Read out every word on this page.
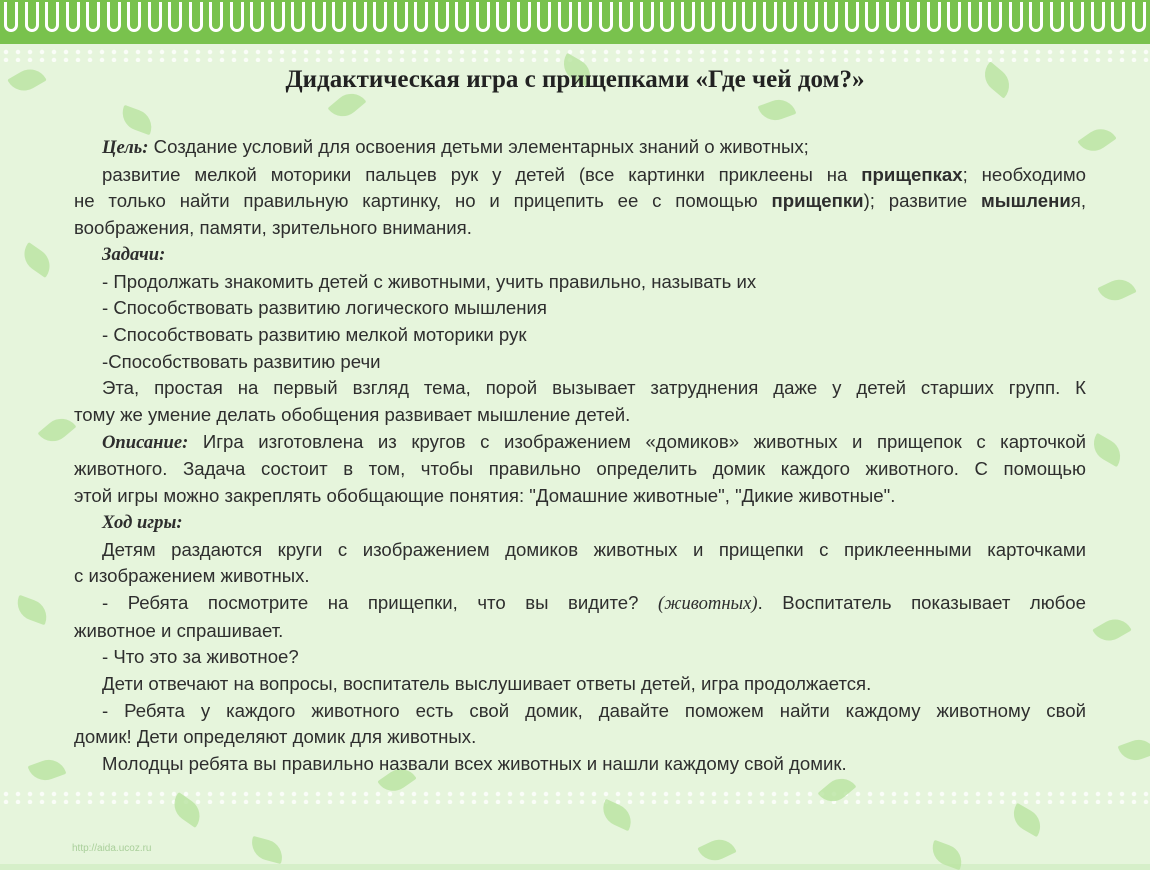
Дидактическая игра с прищепками «Где чей дом?»
Цель: Создание условий для освоения детьми элементарных знаний о животных;
развитие мелкой моторики пальцев рук у детей (все картинки приклеены на прищепках; необходимо
не только найти правильную картинку, но и прицепить ее с помощью прищепки); развитие мышления,
воображения, памяти, зрительного внимания.
Задачи:
- Продолжать знакомить детей с животными, учить правильно, называть их
- Способствовать развитию логического мышления
- Способствовать развитию мелкой моторики рук
-Способствовать развитию речи
Эта, простая на первый взгляд тема, порой вызывает затруднения даже у детей старших групп. К
тому же умение делать обобщения развивает мышление детей.
Описание: Игра изготовлена из кругов с изображением «домиков» животных и прищепок с карточкой
животного. Задача состоит в том, чтобы правильно определить домик каждого животного. С помощью
этой игры можно закреплять обобщающие понятия: "Домашние животные", "Дикие животные".
Ход игры:
Детям раздаются круги с изображением домиков животных и прищепки с приклеенными карточками
с изображением животных.
- Ребята посмотрите на прищепки, что вы видите? (животных). Воспитатель показывает любое
животное и спрашивает.
- Что это за животное?
Дети отвечают на вопросы, воспитатель выслушивает ответы детей, игра продолжается.
- Ребята у каждого животного есть свой домик, давайте поможем найти каждому животному свой
домик! Дети определяют домик для животных.
Молодцы ребята вы правильно назвали всех животных и нашли каждому свой домик.
http://aida.ucoz.ru
